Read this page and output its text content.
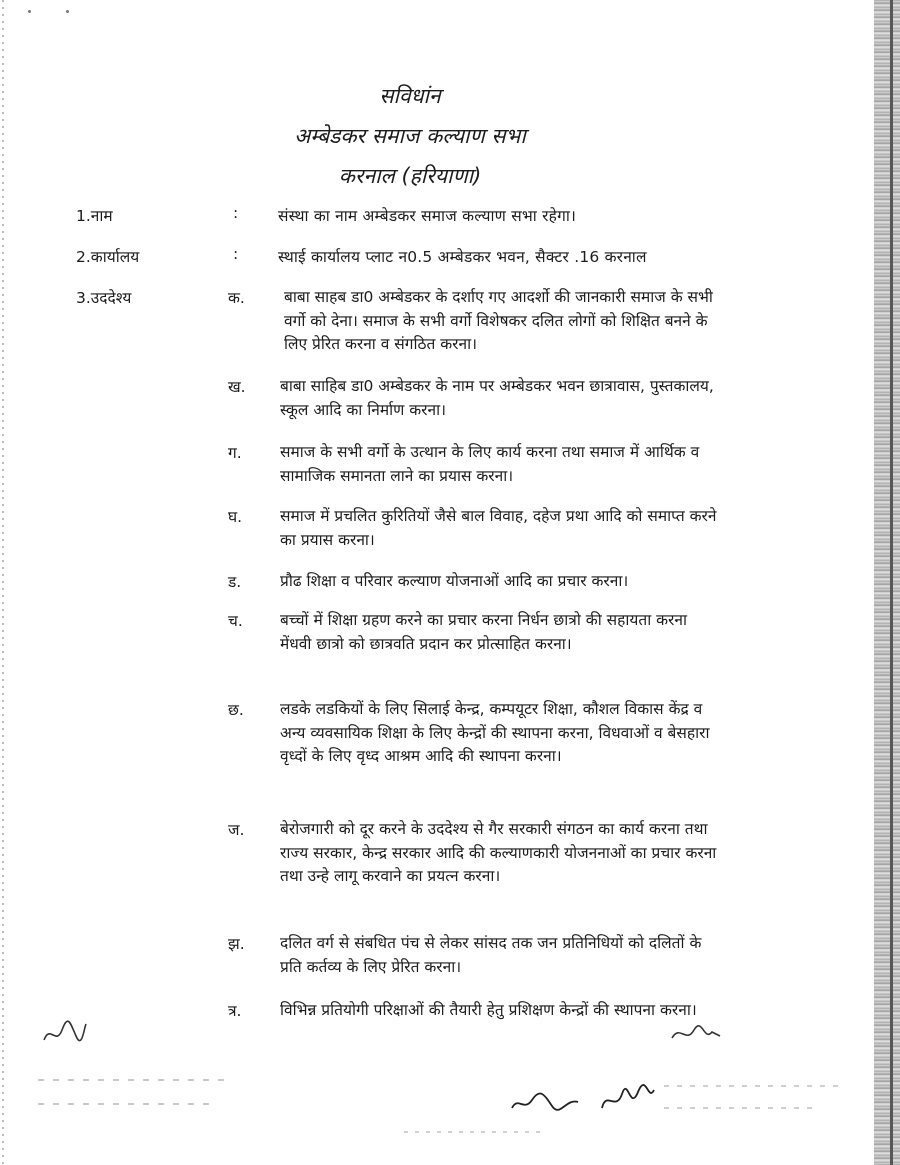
सविधांन
अम्बेडकर समाज कल्याण सभा
करनाल (हरियाणा)
1.नाम	:	संस्था का नाम अम्बेडकर समाज कल्याण सभा रहेगा।
2.कार्यालय	:	स्थाई कार्यालय प्लाट न0.5 अम्बेडकर भवन, सैक्टर .16 करनाल
3.उददेश्य	क.	बाबा साहब डा0 अम्बेडकर के दर्शाए गए आदर्शो की जानकारी समाज के सभी वर्गो को देना। समाज के सभी वर्गो विशेषकर दलित लोगों को शिक्षित बनने के लिए प्रेरित करना व संगठित करना।
ख. बाबा साहिब डा0 अम्बेडकर के नाम पर अम्बेडकर भवन छात्रावास, पुस्तकालय, स्कूल आदि का निर्माण करना।
ग. समाज के सभी वर्गो के उत्थान के लिए कार्य करना तथा समाज में आर्थिक व सामाजिक समानता लाने का प्रयास करना।
घ. समाज में प्रचलित कुरितियों जैसे बाल विवाह, दहेज प्रथा आदि को समाप्त करने का प्रयास करना।
ड.	प्रौढ शिक्षा व परिवार कल्याण योजनाओं आदि का प्रचार करना।
च. बच्चों में शिक्षा ग्रहण करने का प्रचार करना निर्धन छात्रो की सहायता करना मेंधवी छात्रो को छात्रवति प्रदान कर प्रोत्साहित करना।
छ. लडके लडकियों के लिए सिलाई केन्द्र, कम्पयूटर शिक्षा, कौशल विकास केंद्र व अन्य व्यवसायिक शिक्षा के लिए केन्द्रों की स्थापना करना, विधवाओं व बेसहारा वृध्दों के लिए वृध्द आश्रम आदि की स्थापना करना।
ज. बेरोजगारी को दूर करने के उददेश्य से गैर सरकारी संगठन का कार्य करना तथा राज्य सरकार, केन्द्र सरकार आदि की कल्याणकारी योजननाओं का प्रचार करना तथा उन्हे लागू करवाने का प्रयत्न करना।
झ. दलित वर्ग से संबधित पंच से लेकर सांसद तक जन प्रतिनिधियों को दलितों के प्रति कर्तव्य के लिए प्रेरित करना।
त्र. विभिन्न प्रतियोगी परिक्षाओं की तैयारी हेतु प्रशिक्षण केन्द्रों की स्थापना करना।
